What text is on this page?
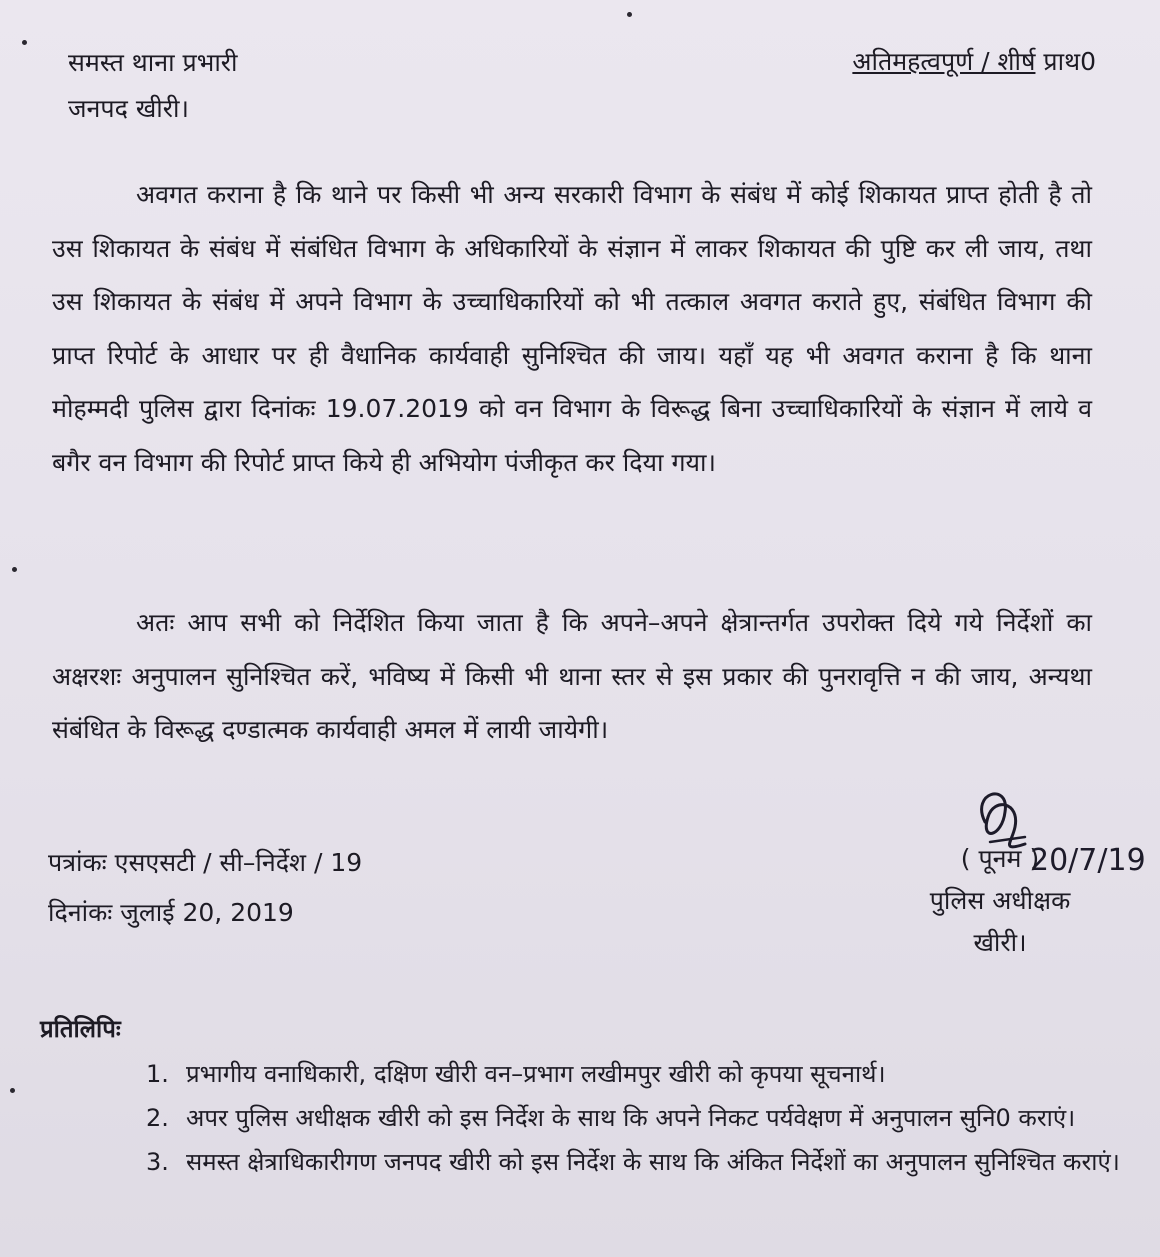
समस्त थाना प्रभारी
जनपद खीरी।
अतिमहत्वपूर्ण / शीर्ष प्राथ0

अवगत कराना है कि थाने पर किसी भी अन्य सरकारी विभाग के संबंध में कोई शिकायत प्राप्त होती है तो उस शिकायत के संबंध में संबंधित विभाग के अधिकारियों के संज्ञान में लाकर शिकायत की पुष्टि कर ली जाय, तथा उस शिकायत के संबंध में अपने विभाग के उच्चाधिकारियों को भी तत्काल अवगत कराते हुए, संबंधित विभाग की प्राप्त रिपोर्ट के आधार पर ही वैधानिक कार्यवाही सुनिश्चित की जाय। यहाँ यह भी अवगत कराना है कि थाना मोहम्मदी पुलिस द्वारा दिनांकः 19.07.2019 को वन विभाग के विरूद्ध बिना उच्चाधिकारियों के संज्ञान में लाये व बगैर वन विभाग की रिपोर्ट प्राप्त किये ही अभियोग पंजीकृत कर दिया गया।

अतः आप सभी को निर्देशित किया जाता है कि अपने–अपने क्षेत्रान्तर्गत उपरोक्त दिये गये निर्देशों का अक्षरशः अनुपालन सुनिश्चित करें, भविष्य में किसी भी थाना स्तर से इस प्रकार की पुनरावृत्ति न की जाय, अन्यथा संबंधित के विरूद्ध दण्डात्मक कार्यवाही अमल में लायी जायेगी।

पत्रांकः एसएसटी / सी–निर्देश / 19
दिनांकः जुलाई 20, 2019
20/7/19
( पूनम )
पुलिस अधीक्षक
खीरी।
प्रतिलिपिः
1. प्रभागीय वनाधिकारी, दक्षिण खीरी वन–प्रभाग लखीमपुर खीरी को कृपया सूचनार्थ।
2. अपर पुलिस अधीक्षक खीरी को इस निर्देश के साथ कि अपने निकट पर्यवेक्षण में अनुपालन सुनि0 कराएं।
3. समस्त क्षेत्राधिकारीगण जनपद खीरी को इस निर्देश के साथ कि अंकित निर्देशों का अनुपालन सुनिश्चित कराएं।
